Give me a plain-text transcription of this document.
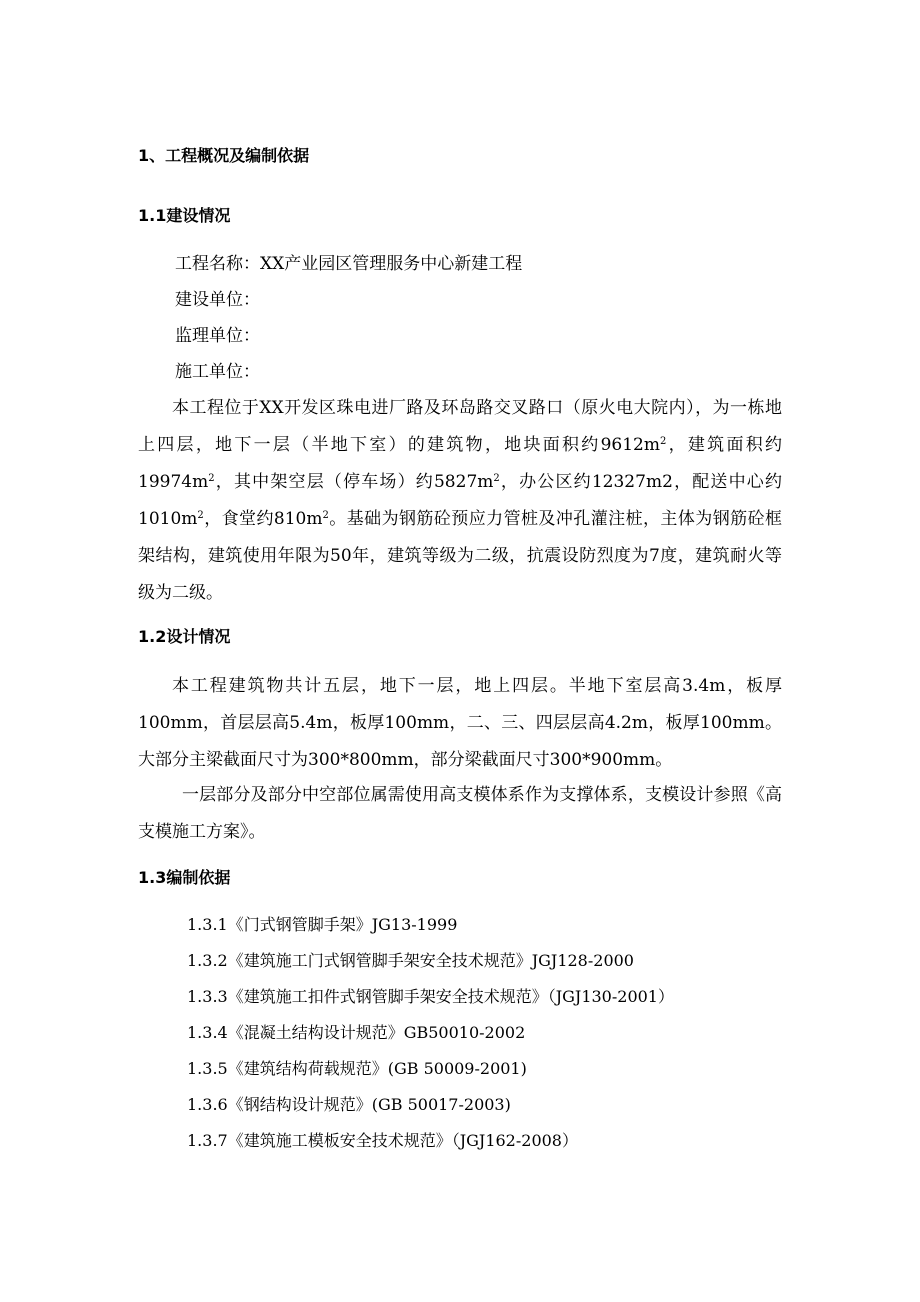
1、工程概况及编制依据
1.1建设情况
工程名称：XX产业园区管理服务中心新建工程
建设单位：
监理单位：
施工单位：
本工程位于XX开发区珠电进厂路及环岛路交叉路口（原火电大院内），为一栋地上四层，地下一层（半地下室）的建筑物，地块面积约$9612m^2$，建筑面积约$19974m^2$，其中架空层（停车场）约$5827m^2$，办公区约12327m2，配送中心约$1010m^2$，食堂约$810m^2$。基础为钢筋砼预应力管桩及冲孔灌注桩，主体为钢筋砼框架结构，建筑使用年限为50年，建筑等级为二级，抗震设防烈度为7度，建筑耐火等级为二级。
1.2设计情况
本工程建筑物共计五层，地下一层，地上四层。半地下室层高3.4m，板厚100mm，首层层高5.4m，板厚100mm，二、三、四层层高4.2m，板厚100mm。大部分主梁截面尺寸为300*800mm，部分梁截面尺寸300*900mm。
一层部分及部分中空部位属需使用高支模体系作为支撑体系，支模设计参照《高支模施工方案》。
1.3编制依据
1.3.1《门式钢管脚手架》JG13-1999
1.3.2《建筑施工门式钢管脚手架安全技术规范》JGJ128-2000
1.3.3《建筑施工扣件式钢管脚手架安全技术规范》（JGJ130-2001）
1.3.4《混凝土结构设计规范》GB50010-2002
1.3.5《建筑结构荷载规范》(GB 50009-2001)
1.3.6《钢结构设计规范》(GB 50017-2003)
1.3.7《建筑施工模板安全技术规范》（JGJ162-2008）
